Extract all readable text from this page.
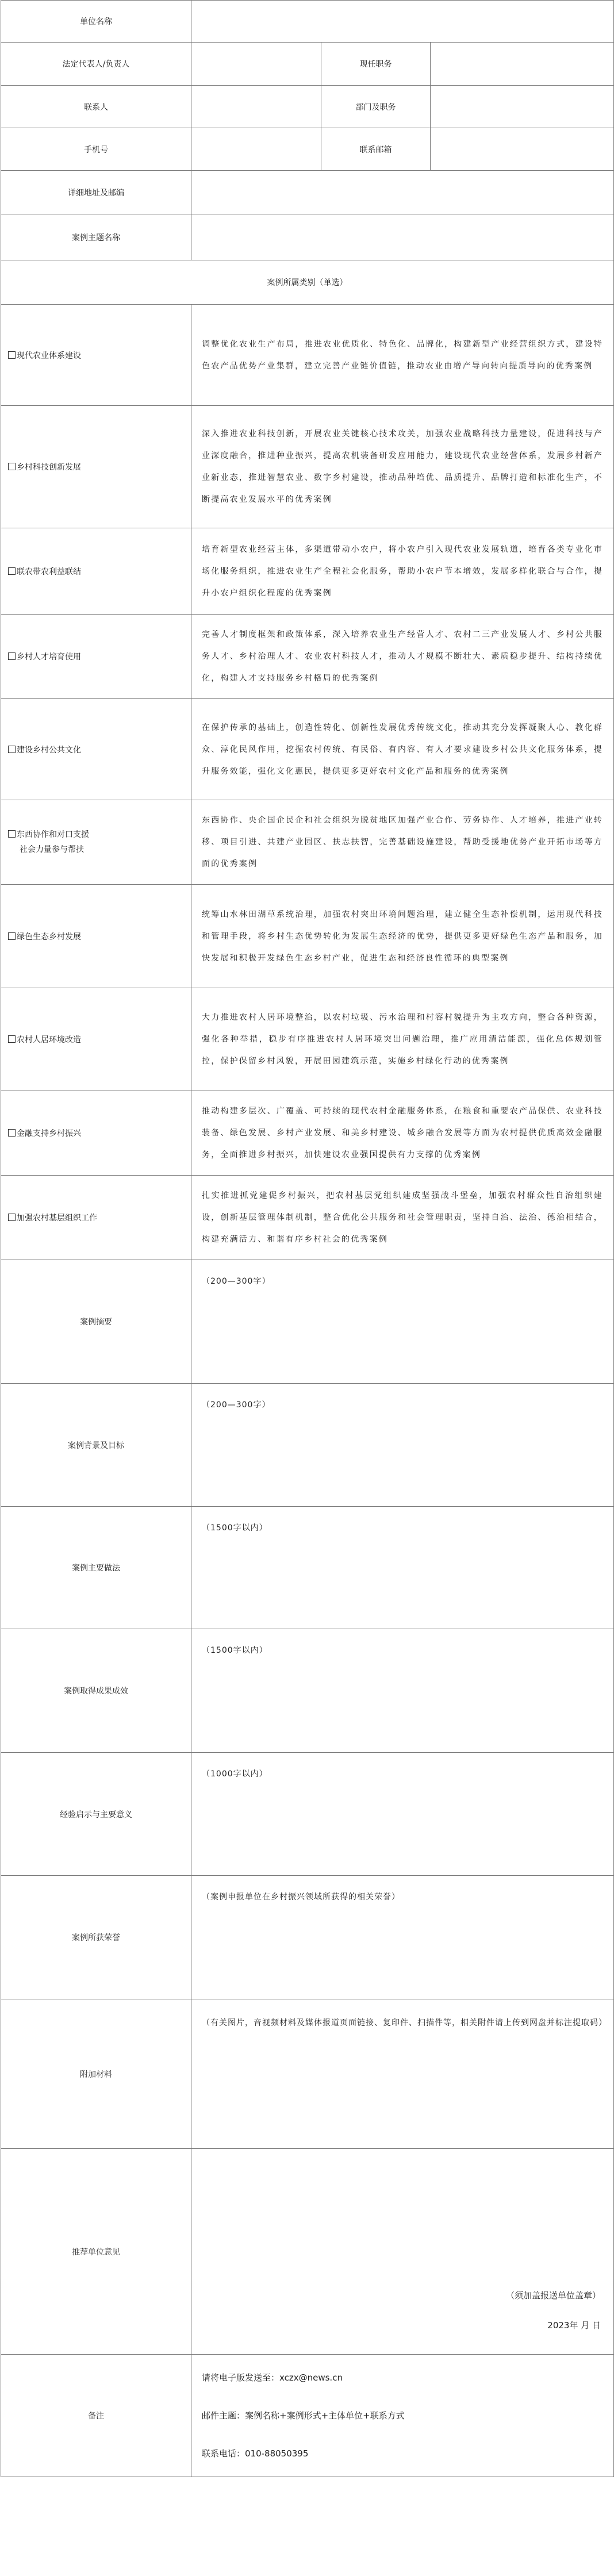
单位名称			
法定代表人/负责人		现任职务	
联系人		部门及职务	
手机号		联系邮箱	
详细地址及邮编			
案例主题名称			
案例所属类别（单选）			
现代农业体系建设	调整优化农业生产布局，推进农业优质化、特色化、品牌化，构建新型产业经营组织方式，建设特色农产品优势产业集群，建立完善产业链价值链，推动农业由增产导向转向提质导向的优秀案例		
乡村科技创新发展	深入推进农业科技创新，开展农业关键核心技术攻关，加强农业战略科技力量建设，促进科技与产业深度融合，推进种业振兴，提高农机装备研发应用能力，建设现代农业经营体系，发展乡村新产业新业态，推进智慧农业、数字乡村建设，推动品种培优、品质提升、品牌打造和标准化生产，不断提高农业发展水平的优秀案例		
联农带农利益联结	培育新型农业经营主体，多渠道带动小农户，将小农户引入现代农业发展轨道，培育各类专业化市场化服务组织，推进农业生产全程社会化服务，帮助小农户节本增效，发展多样化联合与合作，提升小农户组织化程度的优秀案例		
乡村人才培育使用	完善人才制度框架和政策体系，深入培养农业生产经营人才、农村二三产业发展人才、乡村公共服务人才、乡村治理人才、农业农村科技人才，推动人才规模不断壮大、素质稳步提升、结构持续优化，构建人才支持服务乡村格局的优秀案例		
建设乡村公共文化	在保护传承的基础上，创造性转化、创新性发展优秀传统文化，推动其充分发挥凝聚人心、教化群众、淳化民风作用，挖掘农村传统、有民俗、有内容、有人才要求建设乡村公共文化服务体系，提升服务效能，强化文化惠民，提供更多更好农村文化产品和服务的优秀案例		
东西协作和对口支援
社会力量参与帮扶	东西协作、央企国企民企和社会组织为脱贫地区加强产业合作、劳务协作、人才培养，推进产业转移、项目引进、共建产业园区、扶志扶智，完善基础设施建设，帮助受援地优势产业开拓市场等方面的优秀案例		
绿色生态乡村发展	统筹山水林田湖草系统治理，加强农村突出环境问题治理，建立健全生态补偿机制，运用现代科技和管理手段，将乡村生态优势转化为发展生态经济的优势，提供更多更好绿色生态产品和服务，加快发展和积极开发绿色生态乡村产业，促进生态和经济良性循环的典型案例		
农村人居环境改造	大力推进农村人居环境整治，以农村垃圾、污水治理和村容村貌提升为主攻方向，整合各种资源，强化各种举措，稳步有序推进农村人居环境突出问题治理，推广应用清洁能源，强化总体规划管控，保护保留乡村风貌，开展田园建筑示范，实施乡村绿化行动的优秀案例		
金融支持乡村振兴	推动构建多层次、广覆盖、可持续的现代农村金融服务体系，在粮食和重要农产品保供、农业科技装备、绿色发展、乡村产业发展、和美乡村建设、城乡融合发展等方面为农村提供优质高效金融服务，全面推进乡村振兴，加快建设农业强国提供有力支撑的优秀案例		
加强农村基层组织工作	扎实推进抓党建促乡村振兴，把农村基层党组织建成坚强战斗堡垒，加强农村群众性自治组织建设，创新基层管理体制机制，整合优化公共服务和社会管理职责，坚持自治、法治、德治相结合，构建充满活力、和谐有序乡村社会的优秀案例		
案例摘要	（200—300字）		
案例背景及目标	（200—300字）		
案例主要做法	（1500字以内）		
案例取得成果成效	（1500字以内）		
经验启示与主要意义	（1000字以内）		
案例所获荣誉	（案例申报单位在乡村振兴领域所获得的相关荣誉）		
附加材料	（有关图片，音视频材料及媒体报道页面链接、复印件、扫描件等，相关附件请上传到网盘并标注提取码）		
推荐单位意见	（须加盖报送单位盖章）
2023年 月 日		

备注	请将电子版发送至：xczx@news.cn
邮件主题：案例名称+案例形式+主体单位+联系方式
联系电话：010-88050395		
